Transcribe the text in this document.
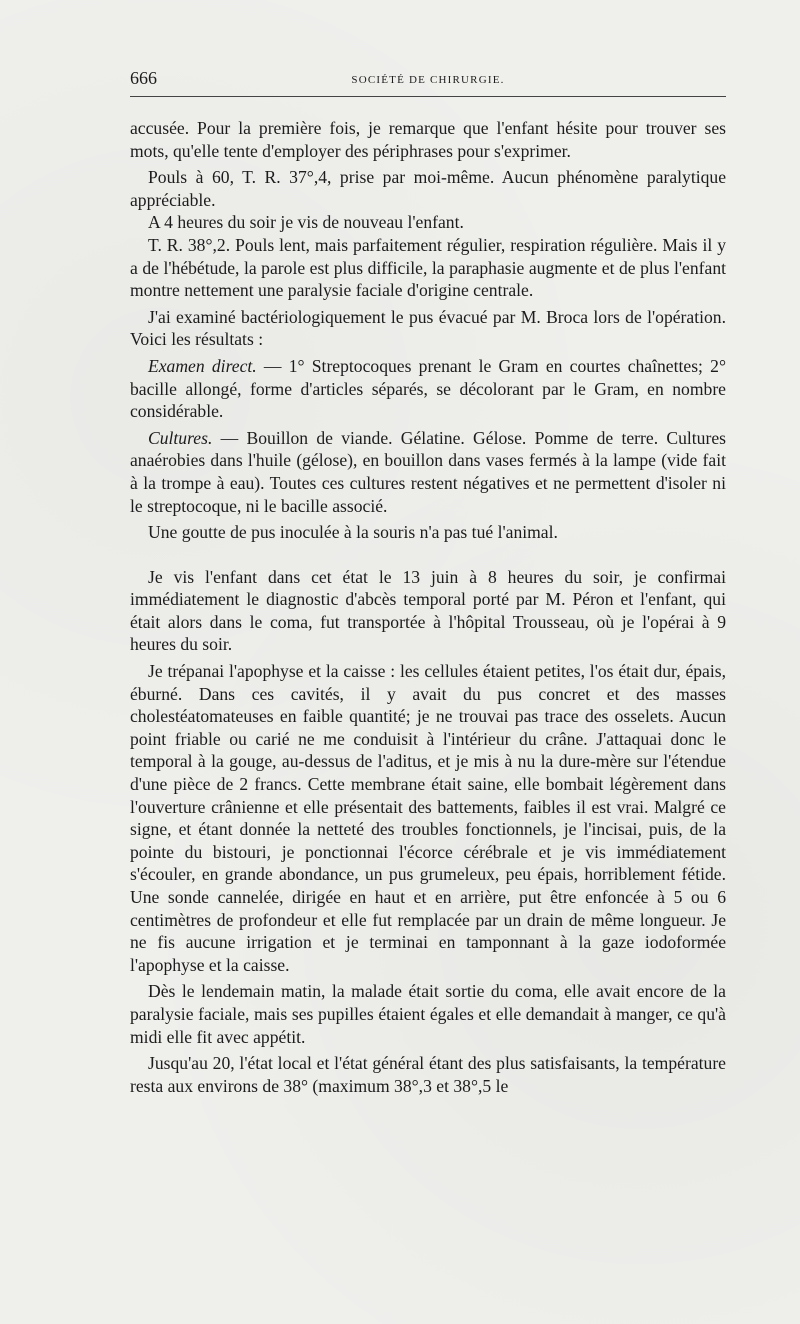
666	SOCIÉTÉ DE CHIRURGIE.

accusée. Pour la première fois, je remarque que l'enfant hésite pour trouver ses mots, qu'elle tente d'employer des périphrases pour s'exprimer.

Pouls à 60, T. R. 37°,4, prise par moi-même. Aucun phénomène paralytique appréciable.

A 4 heures du soir je vis de nouveau l'enfant.

T. R. 38°,2. Pouls lent, mais parfaitement régulier, respiration régulière. Mais il y a de l'hébétude, la parole est plus difficile, la paraphasie augmente et de plus l'enfant montre nettement une paralysie faciale d'origine centrale.

J'ai examiné bactériologiquement le pus évacué par M. Broca lors de l'opération. Voici les résultats :

Examen direct. — 1° Streptocoques prenant le Gram en courtes chaînettes; 2° bacille allongé, forme d'articles séparés, se décolorant par le Gram, en nombre considérable.

Cultures. — Bouillon de viande. Gélatine. Gélose. Pomme de terre. Cultures anaérobies dans l'huile (gélose), en bouillon dans vases fermés à la lampe (vide fait à la trompe à eau). Toutes ces cultures restent négatives et ne permettent d'isoler ni le streptocoque, ni le bacille associé.

Une goutte de pus inoculée à la souris n'a pas tué l'animal.

Je vis l'enfant dans cet état le 13 juin à 8 heures du soir, je confirmai immédiatement le diagnostic d'abcès temporal porté par M. Péron et l'enfant, qui était alors dans le coma, fut transportée à l'hôpital Trousseau, où je l'opérai à 9 heures du soir.

Je trépanai l'apophyse et la caisse : les cellules étaient petites, l'os était dur, épais, éburné. Dans ces cavités, il y avait du pus concret et des masses cholestéatomateuses en faible quantité; je ne trouvai pas trace des osselets. Aucun point friable ou carié ne me conduisit à l'intérieur du crâne. J'attaquai donc le temporal à la gouge, au-dessus de l'aditus, et je mis à nu la dure-mère sur l'étendue d'une pièce de 2 francs. Cette membrane était saine, elle bombait légèrement dans l'ouverture crânienne et elle présentait des battements, faibles il est vrai. Malgré ce signe, et étant donnée la netteté des troubles fonctionnels, je l'incisai, puis, de la pointe du bistouri, je ponctionnai l'écorce cérébrale et je vis immédiatement s'écouler, en grande abondance, un pus grumeleux, peu épais, horriblement fétide. Une sonde cannelée, dirigée en haut et en arrière, put être enfoncée à 5 ou 6 centimètres de profondeur et elle fut remplacée par un drain de même longueur. Je ne fis aucune irrigation et je terminai en tamponnant à la gaze iodoformée l'apophyse et la caisse.

Dès le lendemain matin, la malade était sortie du coma, elle avait encore de la paralysie faciale, mais ses pupilles étaient égales et elle demandait à manger, ce qu'à midi elle fit avec appétit.

Jusqu'au 20, l'état local et l'état général étant des plus satisfaisants, la température resta aux environs de 38° (maximum 38°,3 et 38°,5 le
